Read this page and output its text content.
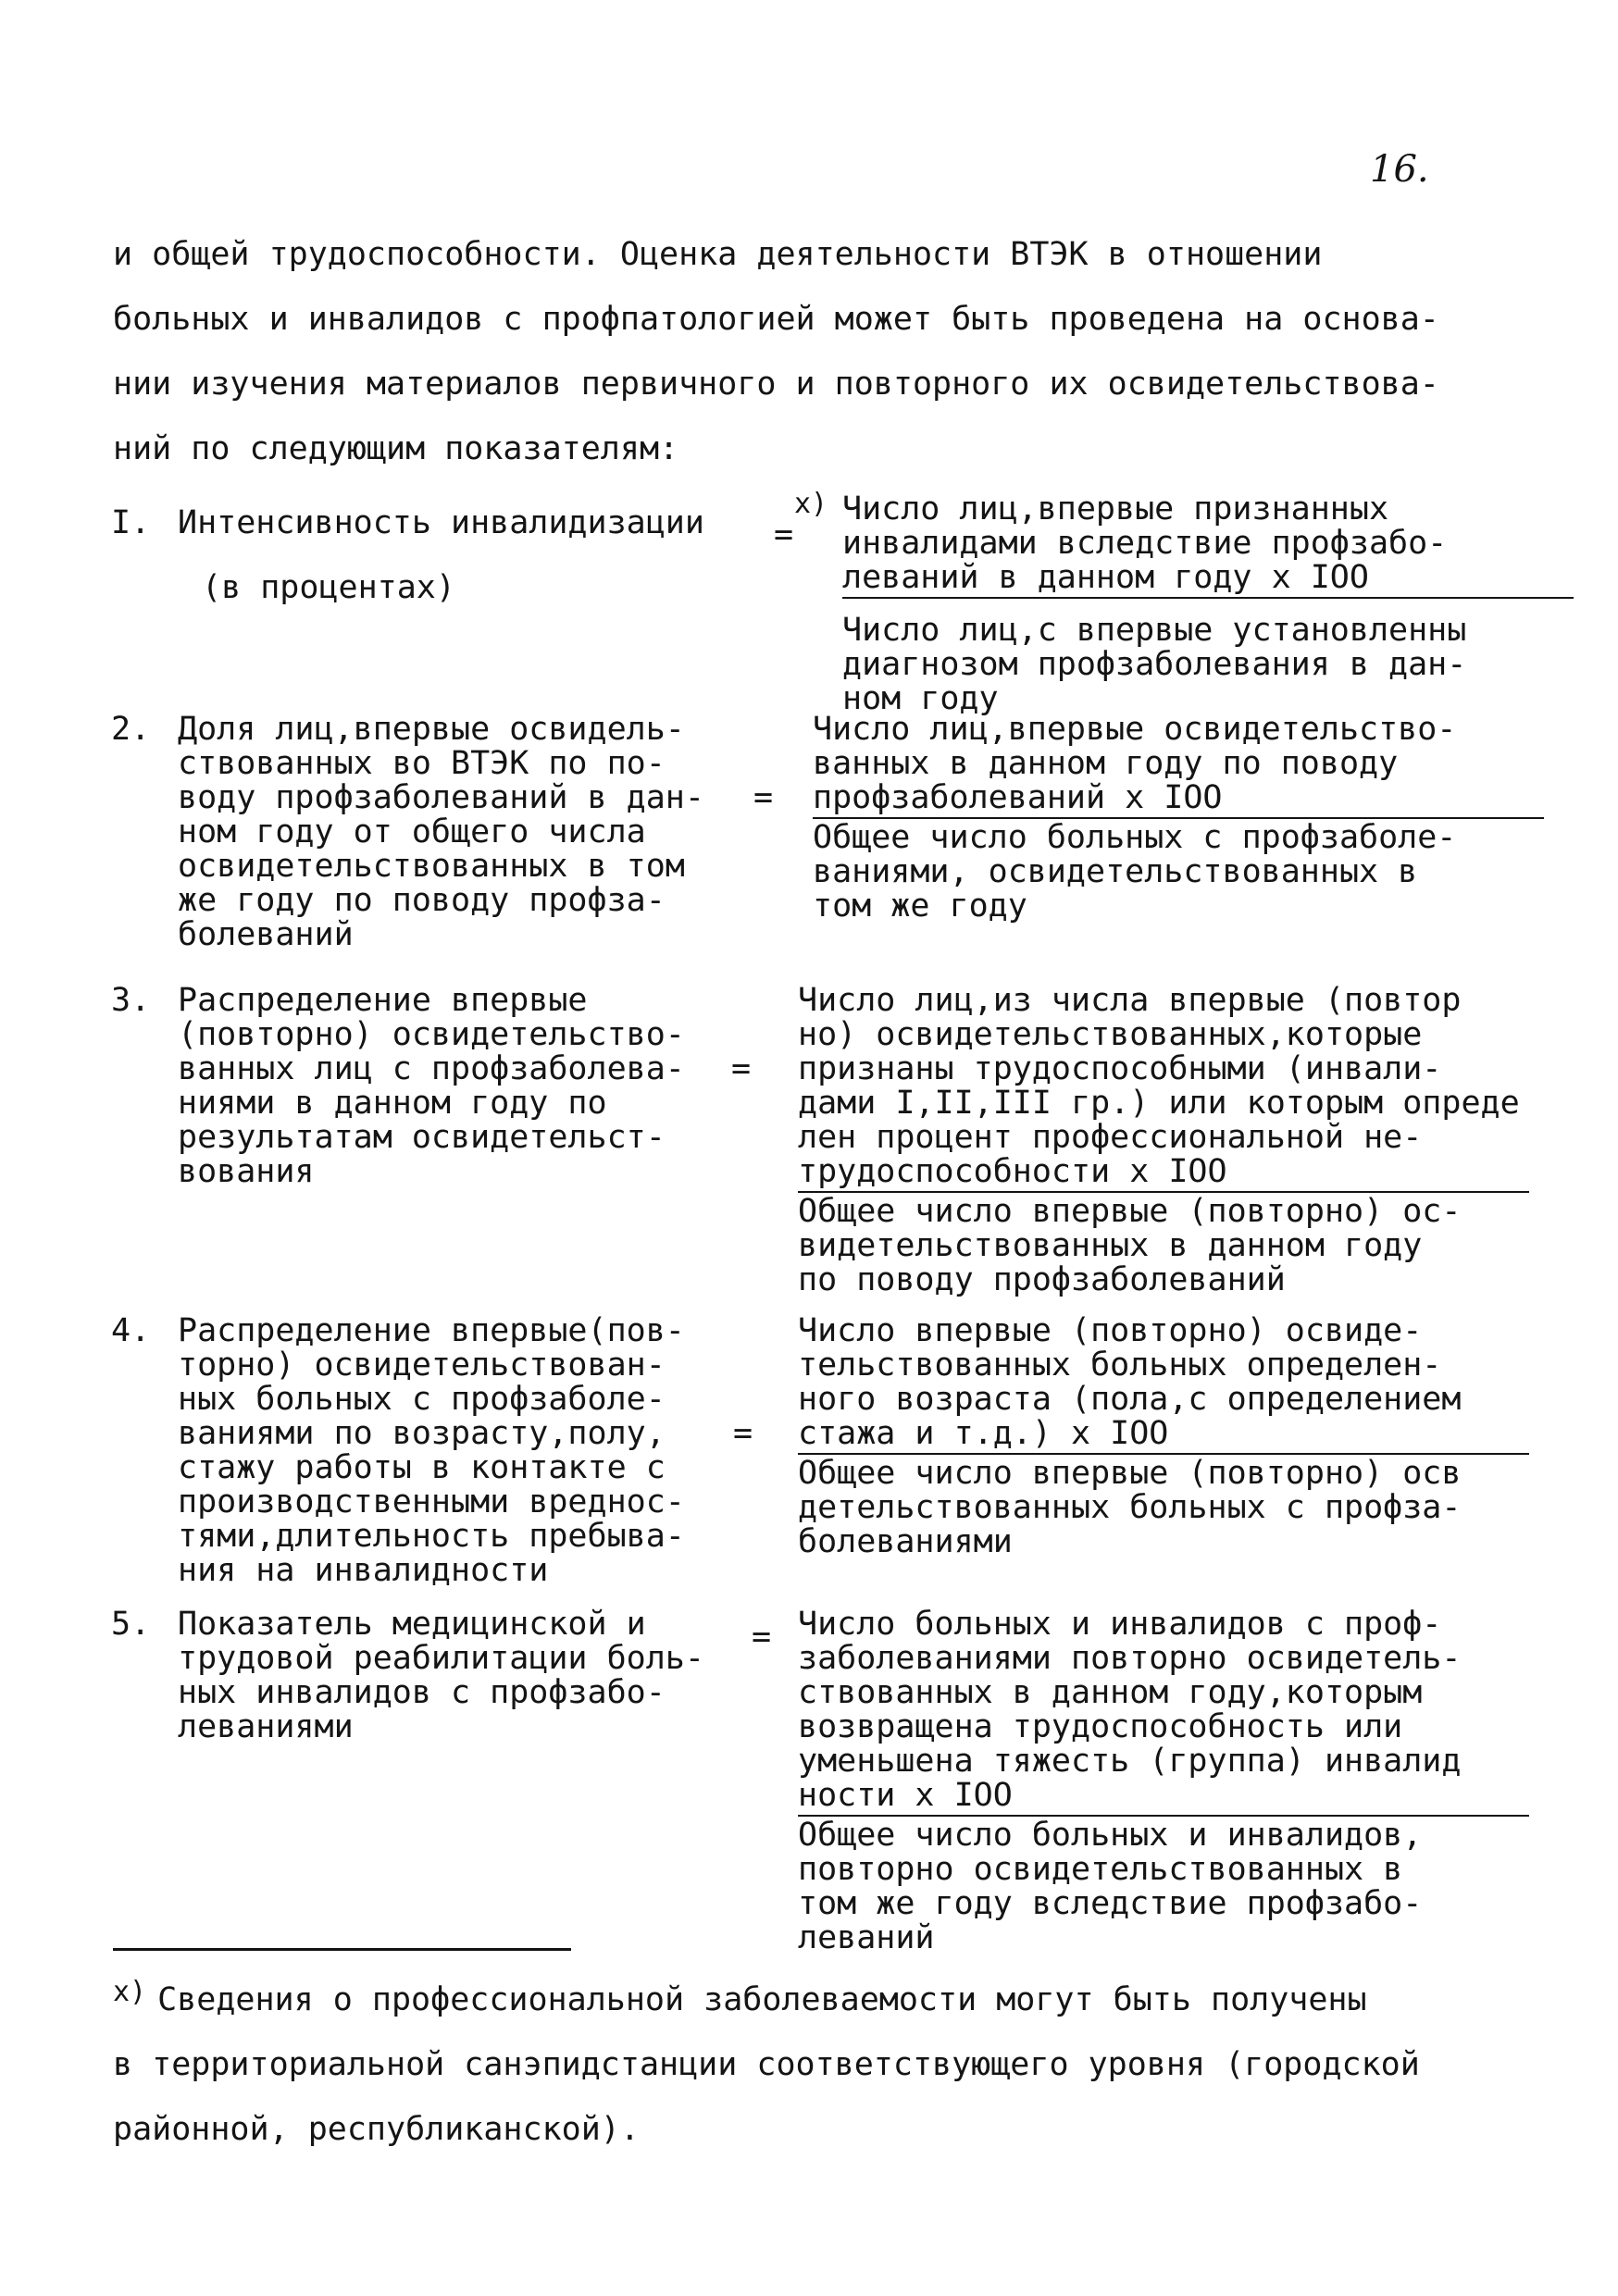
16.
и общей трудоспособности. Оценка деятельности ВТЭК в отношении
больных и инвалидов с профпатологией может быть проведена на основа-
нии изучения материалов первичного и повторного их освидетельствова-
ний по следующим показателям:
I. Интенсивность инвалидизации
(в процентах)
x)
=
Число лиц,впервые признанных
инвалидами вследствие профзабо-
леваний в данном году х IОО
Число лиц,с впервые установленны
диагнозом профзаболевания в дан-
ном году
2. Доля лиц,впервые освидель-
ствованных во ВТЭК по по-
воду профзаболеваний в дан-
ном году от общего числа
освидетельствованных в том
же году по поводу профза-
болеваний
=
Число лиц,впервые освидетельство-
ванных в данном году по поводу
профзаболеваний х IОО
Общее число больных с профзаболе-
ваниями, освидетельствованных в
том же году
3. Распределение впервые
(повторно) освидетельство-
ванных лиц с профзаболева-
ниями в данном году по
результатам освидетельст-
вования
=
Число лиц,из числа впервые (повтор
но) освидетельствованных,которые
признаны трудоспособными (инвали-
дами I,II,III гр.) или которым опреде
лен процент профессиональной не-
трудоспособности х IОО
Общее число впервые (повторно) ос-
видетельствованных в данном году
по поводу профзаболеваний
4. Распределение впервые(пов-
торно) освидетельствован-
ных больных с профзаболе-
ваниями по возрасту,полу,
стажу работы в контакте с
производственными вреднос-
тями,длительность пребыва-
ния на инвалидности
=
Число впервые (повторно) освиде-
тельствованных больных определен-
ного возраста (пола,с определением
стажа и т.д.) х IОО
Общее число впервые (повторно) осв
детельствованных больных с профза-
болеваниями
5. Показатель медицинской и
трудовой реабилитации боль-
ных инвалидов с профзабо-
леваниями
= Число больных и инвалидов с проф-
заболеваниями повторно освидетель-
ствованных в данном году,которым
возвращена трудоспособность или
уменьшена тяжесть (группа) инвалид
ности х IОО
Общее число больных и инвалидов,
повторно освидетельствованных в
том же году вследствие профзабо-
леваний
x) Сведения о профессиональной заболеваемости могут быть получены
в территориальной санэпидстанции соответствующего уровня (городской
районной, республиканской).
